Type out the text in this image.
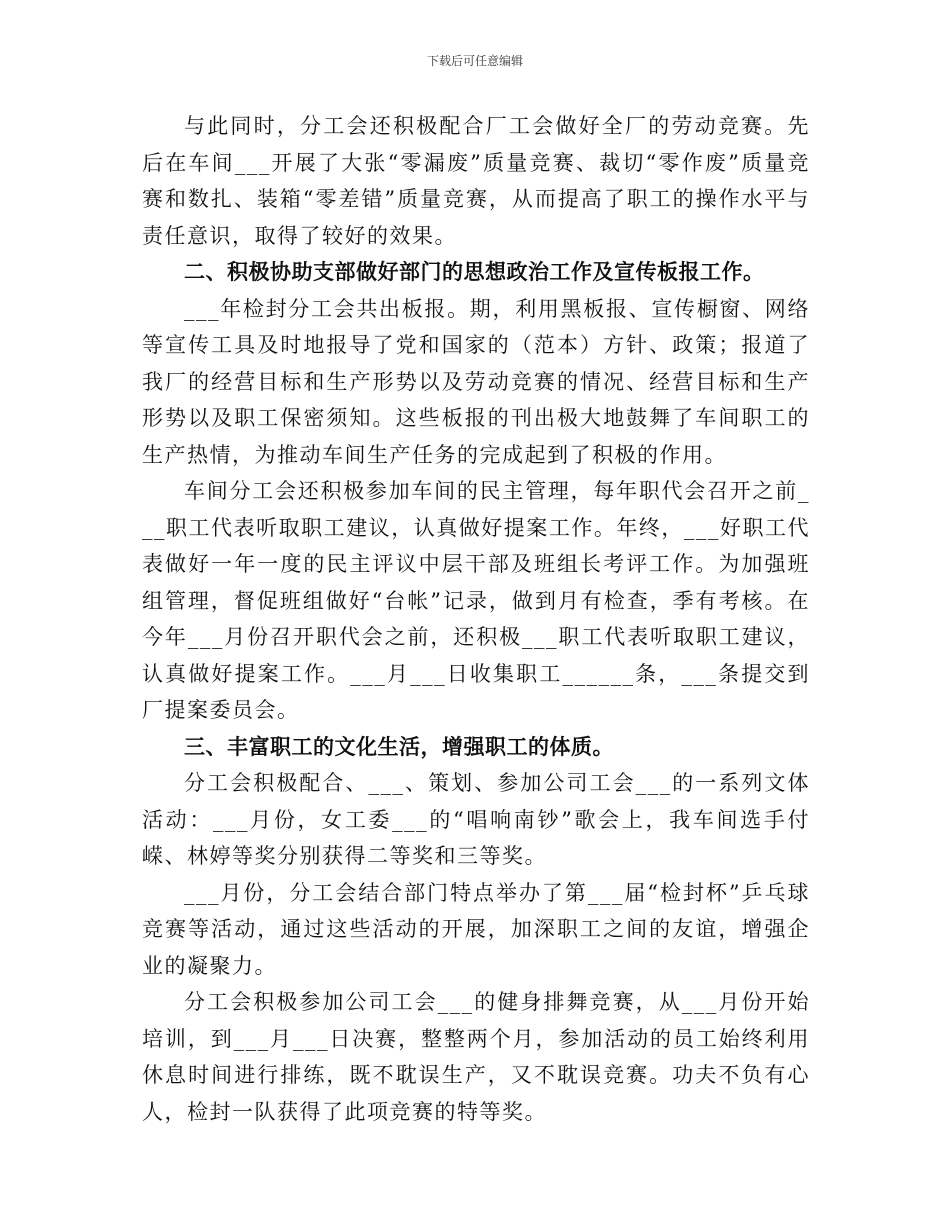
下载后可任意编辑

与此同时，分工会还积极配合厂工会做好全厂的劳动竞赛。先后在车间___开展了大张“零漏废”质量竞赛、裁切“零作废”质量竞赛和数扎、装箱“零差错”质量竞赛，从而提高了职工的操作水平与责任意识，取得了较好的效果。

二、积极协助支部做好部门的思想政治工作及宣传板报工作。

___年检封分工会共出板报。期，利用黑板报、宣传橱窗、网络等宣传工具及时地报导了党和国家的（范本）方针、政策；报道了我厂的经营目标和生产形势以及劳动竞赛的情况、经营目标和生产形势以及职工保密须知。这些板报的刊出极大地鼓舞了车间职工的生产热情，为推动车间生产任务的完成起到了积极的作用。

车间分工会还积极参加车间的民主管理，每年职代会召开之前___职工代表听取职工建议，认真做好提案工作。年终，___好职工代表做好一年一度的民主评议中层干部及班组长考评工作。为加强班组管理，督促班组做好“台帐”记录，做到月有检查，季有考核。在今年___月份召开职代会之前，还积极___职工代表听取职工建议，认真做好提案工作。___月___日收集职工______条，___条提交到厂提案委员会。

三、丰富职工的文化生活，增强职工的体质。

分工会积极配合、___、策划、参加公司工会___的一系列文体活动：___月份，女工委___的“唱响南钞”歌会上，我车间选手付嵘、林婷等奖分别获得二等奖和三等奖。

___月份，分工会结合部门特点举办了第___届“检封杯”乒乓球竞赛等活动，通过这些活动的开展，加深职工之间的友谊，增强企业的凝聚力。

分工会积极参加公司工会___的健身排舞竞赛，从___月份开始培训，到___月___日决赛，整整两个月，参加活动的员工始终利用休息时间进行排练，既不耽误生产，又不耽误竞赛。功夫不负有心人，检封一队获得了此项竞赛的特等奖。
